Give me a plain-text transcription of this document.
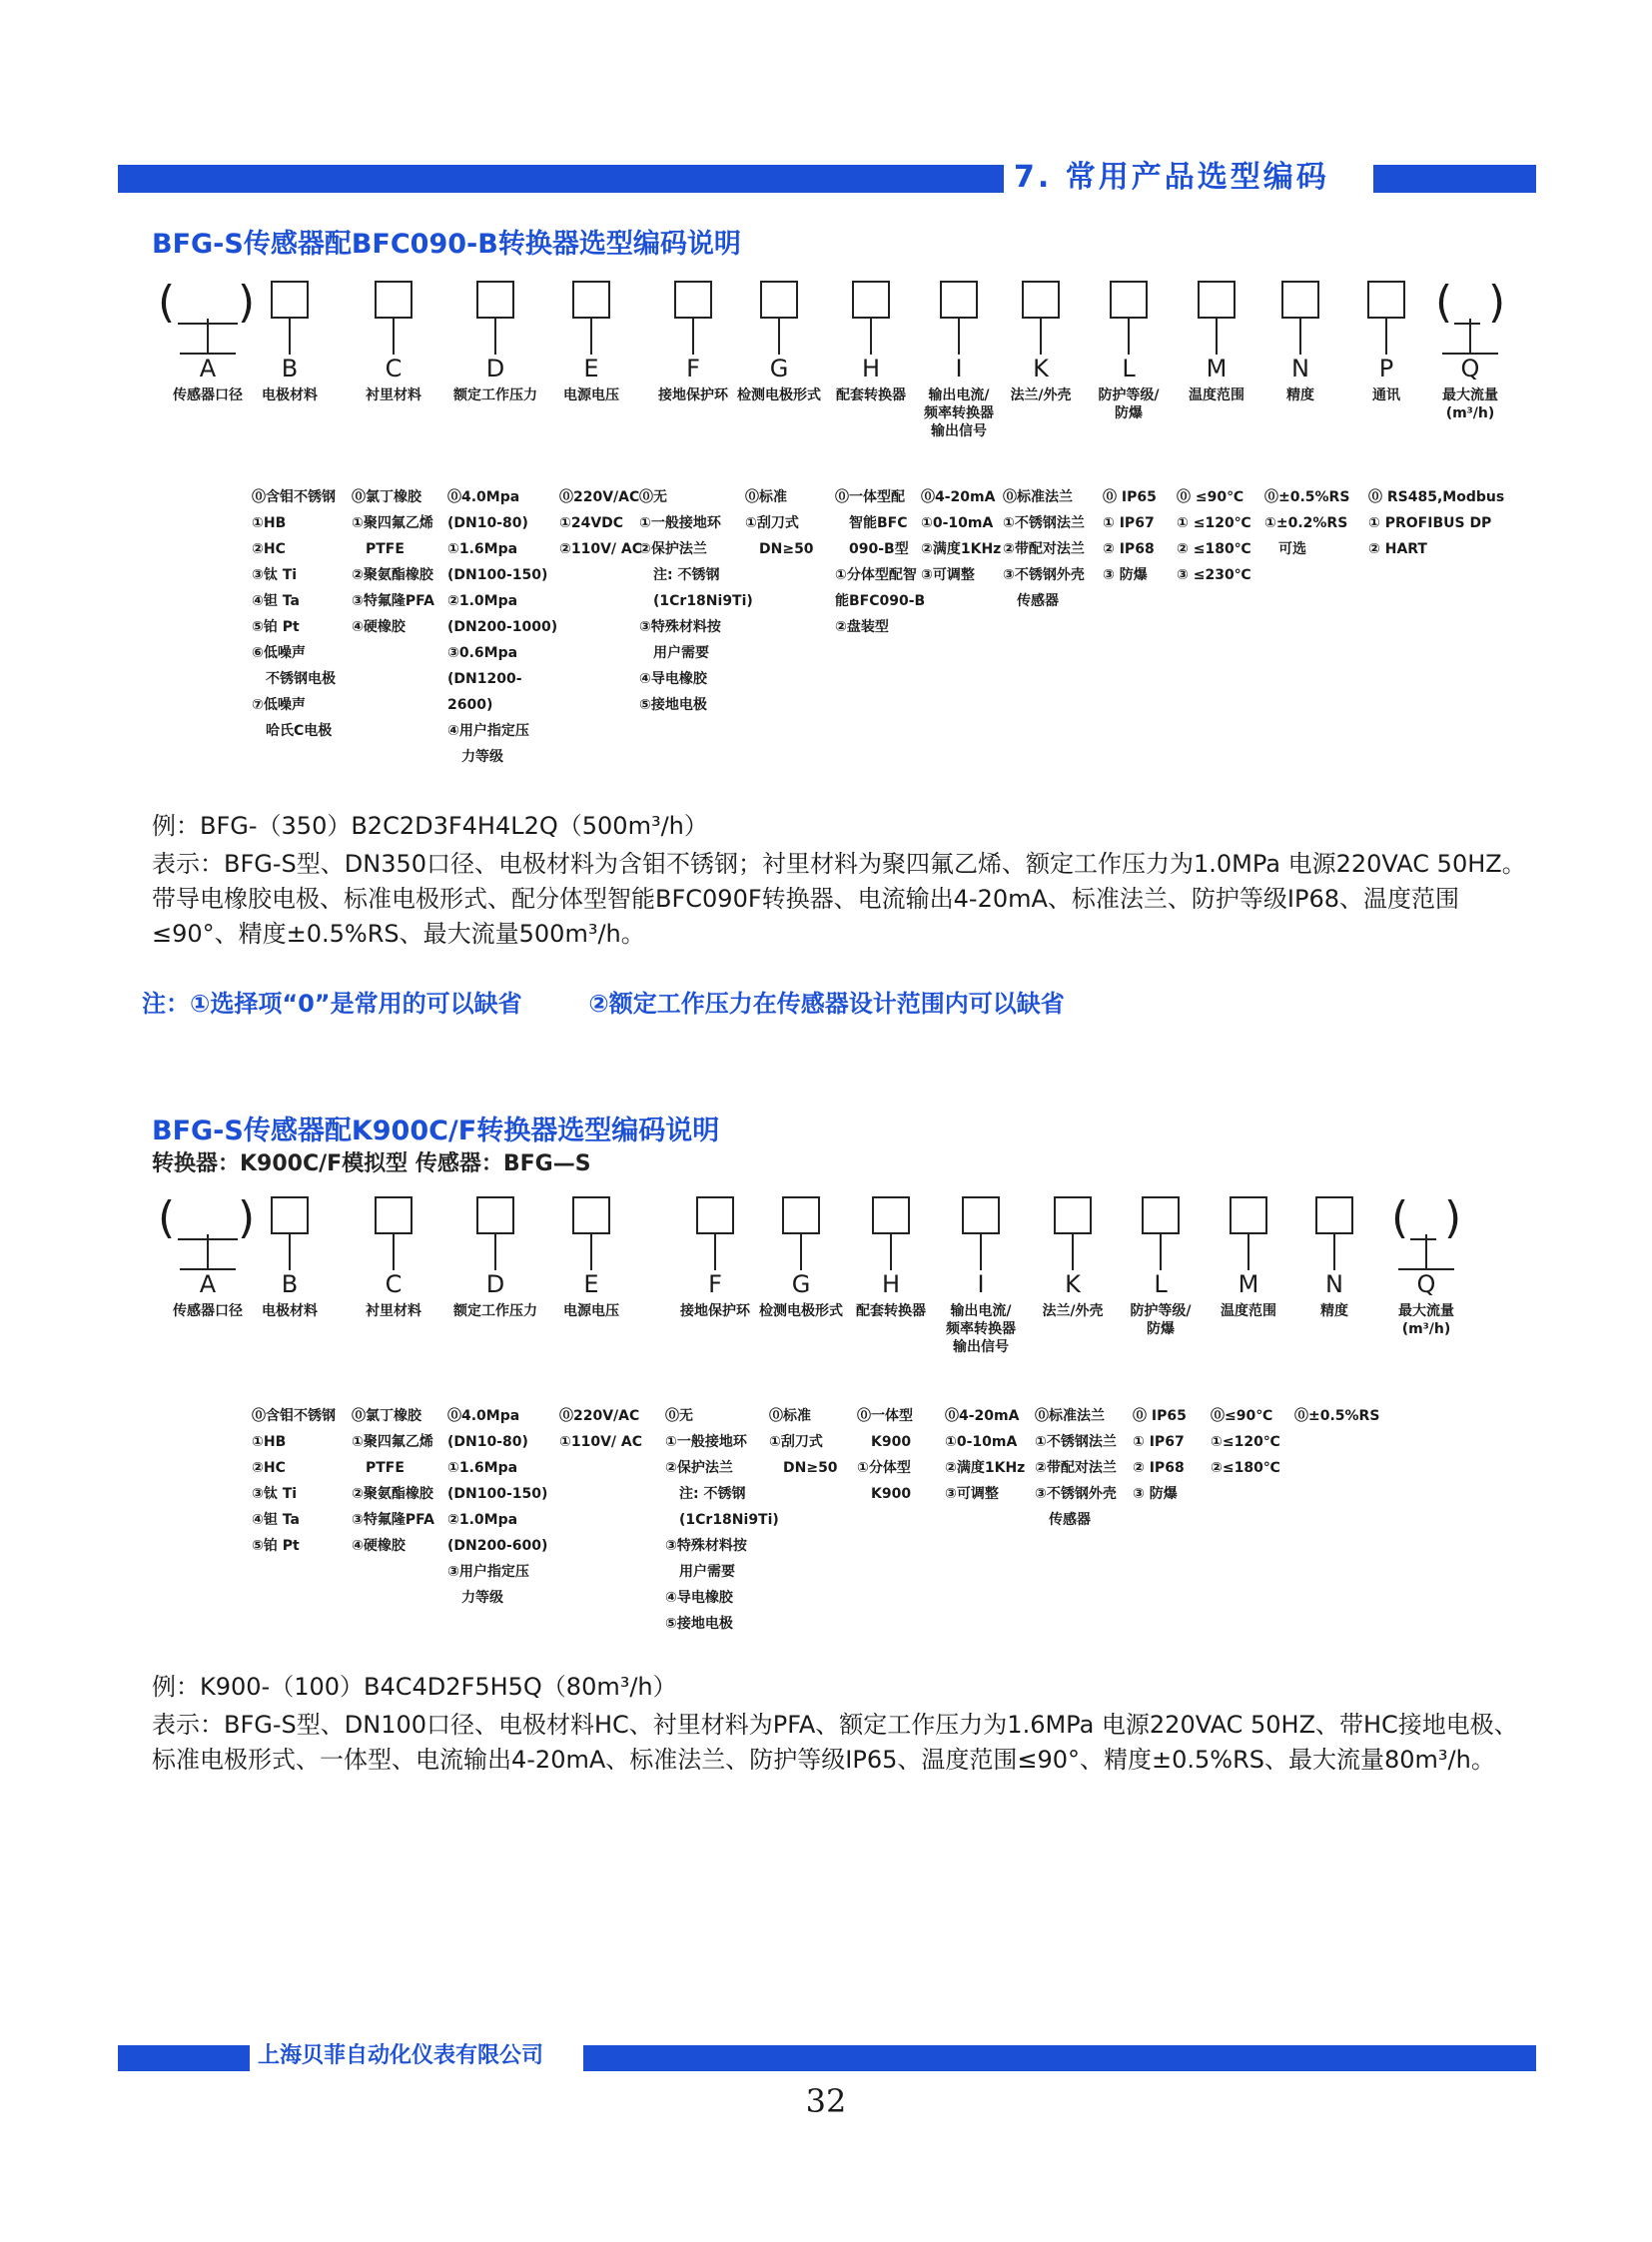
7. 常用产品选型编码
BFG-S传感器配BFC090-B转换器选型编码说明
( )	( )
A
传感器口径
B
电极材料
C
衬里材料
D
额定工作压力
E
电源电压
F
接地保护环
G
检测电极形式
H
配套转换器
I
输出电流/
频率转换器
输出信号
K
法兰/外壳
L
防护等级/
防爆
M
温度范围
N
精度
P
通讯
Q
最大流量
(m³/h)
⓪含钼不锈钢
①HB
②HC
③钛 Ti
④钽 Ta
⑤铂 Pt
⑥低噪声
　不锈钢电极
⑦低噪声
　哈氏C电极
⓪氯丁橡胶
①聚四氟乙烯
　PTFE
②聚氨酯橡胶
③特氟隆PFA
④硬橡胶
⓪4.0Mpa
(DN10-80)
①1.6Mpa
(DN100-150)
②1.0Mpa
(DN200-1000)
③0.6Mpa
(DN1200-
2600)
④用户指定压
　力等级
⓪220V/AC
①24VDC
②110V/ AC
⓪无
①一般接地环
②保护法兰
　注: 不锈钢
　(1Cr18Ni9Ti)
③特殊材料按
　用户需要
④导电橡胶
⑤接地电极
⓪标准
①刮刀式
　DN≥50
⓪一体型配
　智能BFC
　090-B型
①分体型配智
能BFC090-B
②盘装型
⓪4-20mA
①0-10mA
②满度1KHz
③可调整
⓪标准法兰
①不锈钢法兰
②带配对法兰
③不锈钢外壳
　传感器
⓪ IP65
① IP67
② IP68
③ 防爆
⓪ ≤90℃
① ≤120℃
② ≤180℃
③ ≤230℃
⓪±0.5%RS
①±0.2%RS
　可选
⓪ RS485,Modbus
① PROFIBUS DP
② HART
例：BFG-（350）B2C2D3F4H4L2Q（500m³/h）
表示：BFG-S型、DN350口径、电极材料为含钼不锈钢；衬里材料为聚四氟乙烯、额定工作压力为1.0MPa 电源220VAC 50HZ。带导电橡胶电极、标准电极形式、配分体型智能BFC090F转换器、电流输出4-20mA、标准法兰、防护等级IP68、温度范围≤90°、精度±0.5%RS、最大流量500m³/h。
注：①选择项“0”是常用的可以缺省        ②额定工作压力在传感器设计范围内可以缺省
BFG-S传感器配K900C/F转换器选型编码说明
转换器：K900C/F模拟型 传感器：BFG—S
( )	( )
A
传感器口径
B
电极材料
C
衬里材料
D
额定工作压力
E
电源电压
F
接地保护环
G
检测电极形式
H
配套转换器
I
输出电流/
频率转换器
输出信号
K
法兰/外壳
L
防护等级/
防爆
M
温度范围
N
精度
Q
最大流量
(m³/h)
⓪含钼不锈钢
①HB
②HC
③钛 Ti
④钽 Ta
⑤铂 Pt
⓪氯丁橡胶
①聚四氟乙烯
　PTFE
②聚氨酯橡胶
③特氟隆PFA
④硬橡胶
⓪4.0Mpa
(DN10-80)
①1.6Mpa
(DN100-150)
②1.0Mpa
(DN200-600)
③用户指定压
　力等级
⓪220V/AC
①110V/ AC
⓪无
①一般接地环
②保护法兰
　注: 不锈钢
　(1Cr18Ni9Ti)
③特殊材料按
　用户需要
④导电橡胶
⑤接地电极
⓪标准
①刮刀式
　DN≥50
⓪一体型
　K900
①分体型
　K900
⓪4-20mA
①0-10mA
②满度1KHz
③可调整
⓪标准法兰
①不锈钢法兰
②带配对法兰
③不锈钢外壳
　传感器
⓪ IP65
① IP67
② IP68
③ 防爆
⓪≤90℃
①≤120℃
②≤180℃
⓪±0.5%RS
例：K900-（100）B4C4D2F5H5Q（80m³/h）
表示：BFG-S型、DN100口径、电极材料HC、衬里材料为PFA、额定工作压力为1.6MPa 电源220VAC 50HZ、带HC接地电极、标准电极形式、一体型、电流输出4-20mA、标准法兰、防护等级IP65、温度范围≤90°、精度±0.5%RS、最大流量80m³/h。
上海贝菲自动化仪表有限公司
32
